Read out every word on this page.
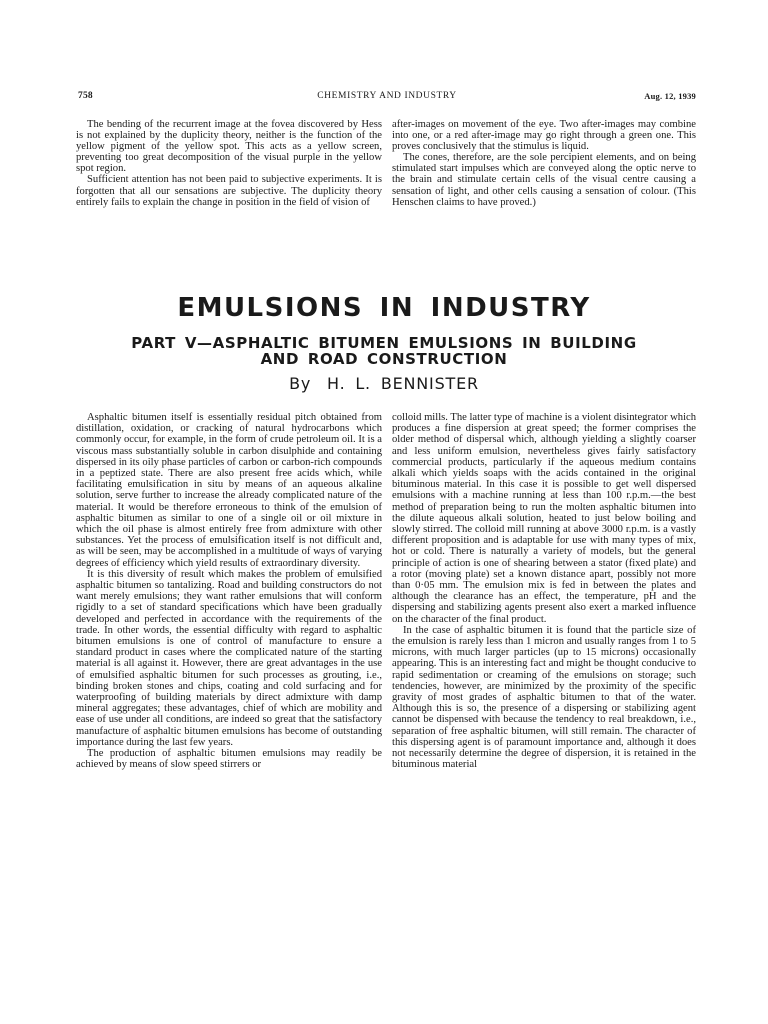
758	CHEMISTRY AND INDUSTRY	Aug. 12, 1939

The bending of the recurrent image at the fovea discovered by Hess is not explained by the duplicity theory, neither is the function of the yellow pigment of the yellow spot. This acts as a yellow screen, preventing too great decomposition of the visual purple in the yellow spot region.

Sufficient attention has not been paid to subjective experiments. It is forgotten that all our sensations are subjective. The duplicity theory entirely fails to explain the change in position in the field of vision of

after-images on movement of the eye. Two after-images may combine into one, or a red after-image may go right through a green one. This proves conclusively that the stimulus is liquid.

The cones, therefore, are the sole percipient elements, and on being stimulated start impulses which are conveyed along the optic nerve to the brain and stimulate certain cells of the visual centre causing a sensation of light, and other cells causing a sensation of colour. (This Henschen claims to have proved.)

EMULSIONS IN INDUSTRY
PART V—ASPHALTIC BITUMEN EMULSIONS IN BUILDING
AND ROAD CONSTRUCTION
By H. L. BENNISTER

Asphaltic bitumen itself is essentially residual pitch obtained from distillation, oxidation, or cracking of natural hydrocarbons which commonly occur, for example, in the form of crude petroleum oil. It is a viscous mass substantially soluble in carbon disulphide and containing dispersed in its oily phase particles of carbon or carbon-rich compounds in a peptized state. There are also present free acids which, while facilitating emulsification in situ by means of an aqueous alkaline solution, serve further to increase the already complicated nature of the material. It would be therefore erroneous to think of the emulsion of asphaltic bitumen as similar to one of a single oil or oil mixture in which the oil phase is almost entirely free from admixture with other substances. Yet the process of emulsification itself is not difficult and, as will be seen, may be accomplished in a multitude of ways of varying degrees of efficiency which yield results of extraordinary diversity.

It is this diversity of result which makes the problem of emulsified asphaltic bitumen so tantalizing. Road and building constructors do not want merely emulsions; they want rather emulsions that will conform rigidly to a set of standard specifications which have been gradually developed and perfected in accordance with the requirements of the trade. In other words, the essential difficulty with regard to asphaltic bitumen emulsions is one of control of manufacture to ensure a standard product in cases where the complicated nature of the starting material is all against it. However, there are great advantages in the use of emulsified asphaltic bitumen for such processes as grouting, i.e., binding broken stones and chips, coating and cold surfacing and for waterproofing of building materials by direct admixture with damp mineral aggregates; these advantages, chief of which are mobility and ease of use under all conditions, are indeed so great that the satisfactory manufacture of asphaltic bitumen emulsions has become of outstanding importance during the last few years.

The production of asphaltic bitumen emulsions may readily be achieved by means of slow speed stirrers or

colloid mills. The latter type of machine is a violent disintegrator which produces a fine dispersion at great speed; the former comprises the older method of dispersal which, although yielding a slightly coarser and less uniform emulsion, nevertheless gives fairly satisfactory commercial products, particularly if the aqueous medium contains alkali which yields soaps with the acids contained in the original bituminous material. In this case it is possible to get well dispersed emulsions with a machine running at less than 100 r.p.m.—the best method of preparation being to run the molten asphaltic bitumen into the dilute aqueous alkali solution, heated to just below boiling and slowly stirred. The colloid mill running at above 3000 r.p.m. is a vastly different proposition and is adaptable for use with many types of mix, hot or cold. There is naturally a variety of models, but the general principle of action is one of shearing between a stator (fixed plate) and a rotor (moving plate) set a known distance apart, possibly not more than 0·05 mm. The emulsion mix is fed in between the plates and although the clearance has an effect, the temperature, pH and the dispersing and stabilizing agents present also exert a marked influence on the character of the final product.

In the case of asphaltic bitumen it is found that the particle size of the emulsion is rarely less than 1 micron and usually ranges from 1 to 5 microns, with much larger particles (up to 15 microns) occasionally appearing. This is an interesting fact and might be thought conducive to rapid sedimentation or creaming of the emulsions on storage; such tendencies, however, are minimized by the proximity of the specific gravity of most grades of asphaltic bitumen to that of the water. Although this is so, the presence of a dispersing or stabilizing agent cannot be dispensed with because the tendency to real breakdown, i.e., separation of free asphaltic bitumen, will still remain. The character of this dispersing agent is of paramount importance and, although it does not necessarily determine the degree of dispersion, it is retained in the bituminous material
